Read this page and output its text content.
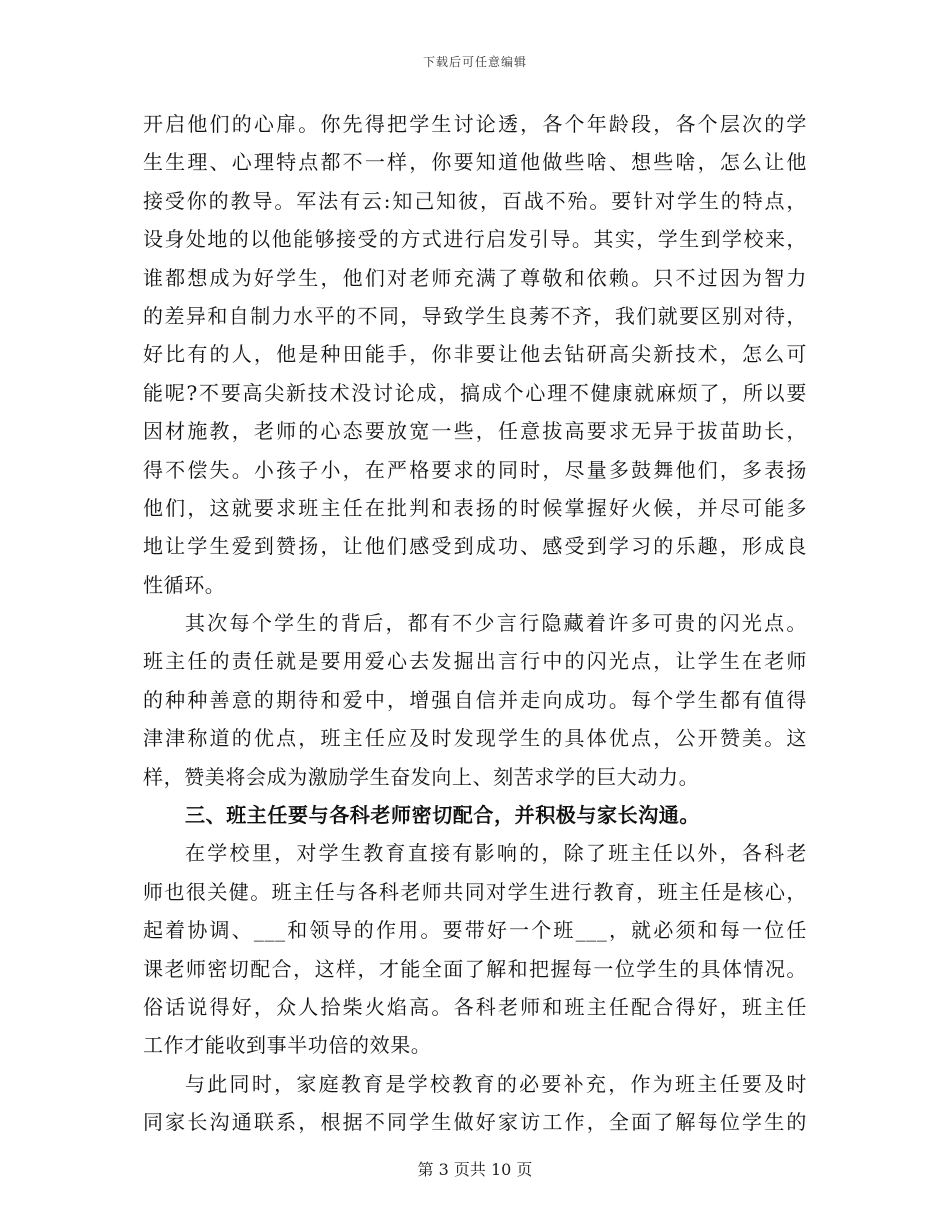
下载后可任意编辑
开启他们的心扉。你先得把学生讨论透，各个年龄段，各个层次的学
生生理、心理特点都不一样，你要知道他做些啥、想些啥，怎么让他
接受你的教导。军法有云:知己知彼，百战不殆。要针对学生的特点，
设身处地的以他能够接受的方式进行启发引导。其实，学生到学校来，
谁都想成为好学生，他们对老师充满了尊敬和依赖。只不过因为智力
的差异和自制力水平的不同，导致学生良莠不齐，我们就要区别对待，
好比有的人，他是种田能手，你非要让他去钻研高尖新技术，怎么可
能呢?不要高尖新技术没讨论成，搞成个心理不健康就麻烦了，所以要
因材施教，老师的心态要放宽一些，任意拔高要求无异于拔苗助长，
得不偿失。小孩子小，在严格要求的同时，尽量多鼓舞他们，多表扬
他们，这就要求班主任在批判和表扬的时候掌握好火候，并尽可能多
地让学生爱到赞扬，让他们感受到成功、感受到学习的乐趣，形成良
性循环。
其次每个学生的背后，都有不少言行隐藏着许多可贵的闪光点。
班主任的责任就是要用爱心去发掘出言行中的闪光点，让学生在老师
的种种善意的期待和爱中，增强自信并走向成功。每个学生都有值得
津津称道的优点，班主任应及时发现学生的具体优点，公开赞美。这
样，赞美将会成为激励学生奋发向上、刻苦求学的巨大动力。
三、班主任要与各科老师密切配合，并积极与家长沟通。
在学校里，对学生教育直接有影响的，除了班主任以外，各科老
师也很关健。班主任与各科老师共同对学生进行教育，班主任是核心，
起着协调、___和领导的作用。要带好一个班___，就必须和每一位任
课老师密切配合，这样，才能全面了解和把握每一位学生的具体情况。
俗话说得好，众人拾柴火焰高。各科老师和班主任配合得好，班主任
工作才能收到事半功倍的效果。
与此同时，家庭教育是学校教育的必要补充，作为班主任要及时
同家长沟通联系，根据不同学生做好家访工作，全面了解每位学生的
第 3 页共 10 页
